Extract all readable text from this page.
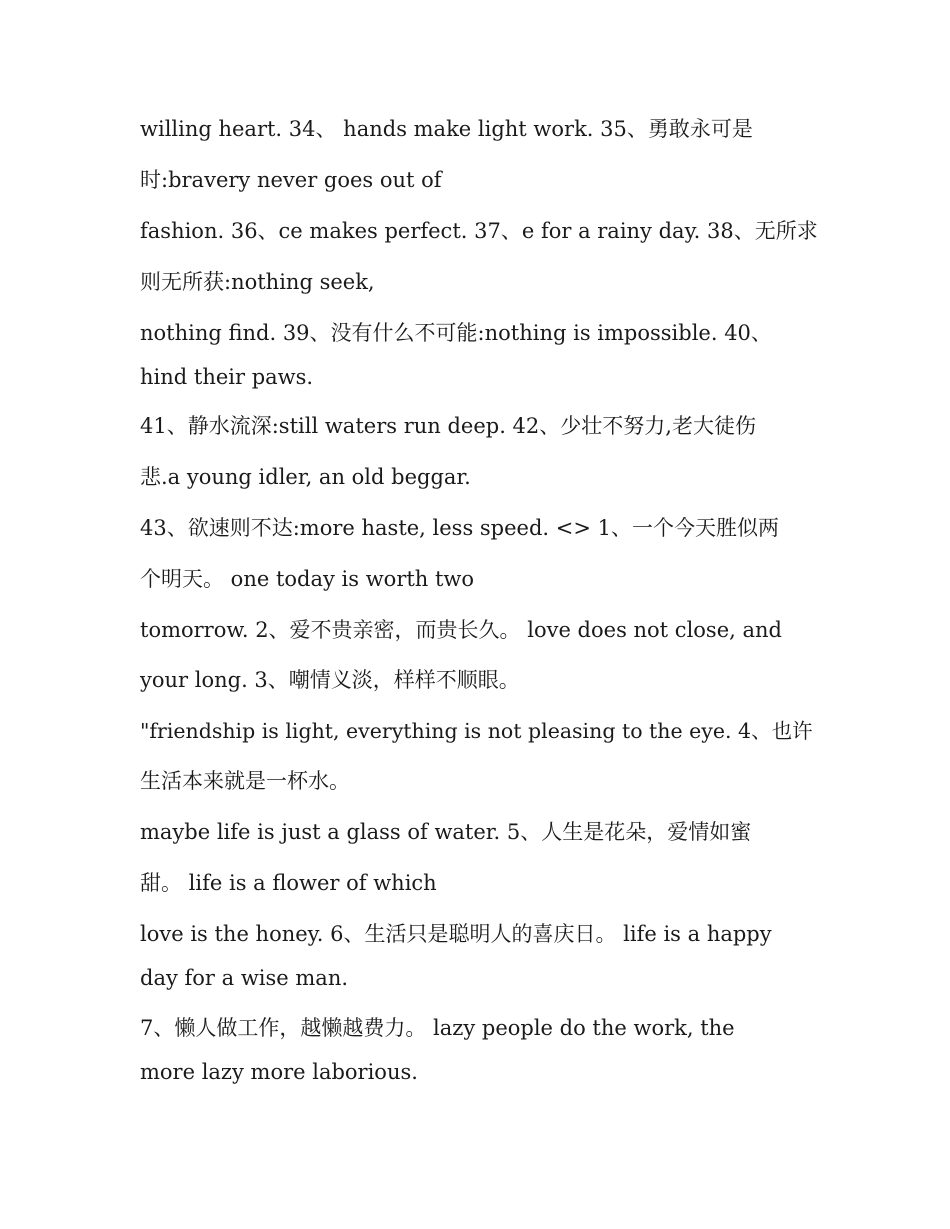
willing heart. 34、 hands make light work. 35、勇敢永可是

时:bravery never goes out of

fashion. 36、ce makes perfect. 37、e for a rainy day. 38、无所求

则无所获:nothing seek,

nothing find. 39、没有什么不可能:nothing is impossible. 40、

hind their paws.

41、静水流深:still waters run deep. 42、少壮不努力,老大徒伤

悲.a young idler, an old beggar.

43、欲速则不达:more haste, less speed. <> 1、一个今天胜似两

个明天。 one today is worth two

tomorrow. 2、爱不贵亲密，而贵长久。 love does not close, and

your long. 3、嘲情义淡，样样不顺眼。

"friendship is light, everything is not pleasing to the eye. 4、也许

生活本来就是一杯水。

maybe life is just a glass of water. 5、人生是花朵，爱情如蜜

甜。 life is a flower of which

love is the honey. 6、生活只是聪明人的喜庆日。 life is a happy

day for a wise man.

7、懒人做工作，越懒越费力。 lazy people do the work, the

more lazy more laborious.
